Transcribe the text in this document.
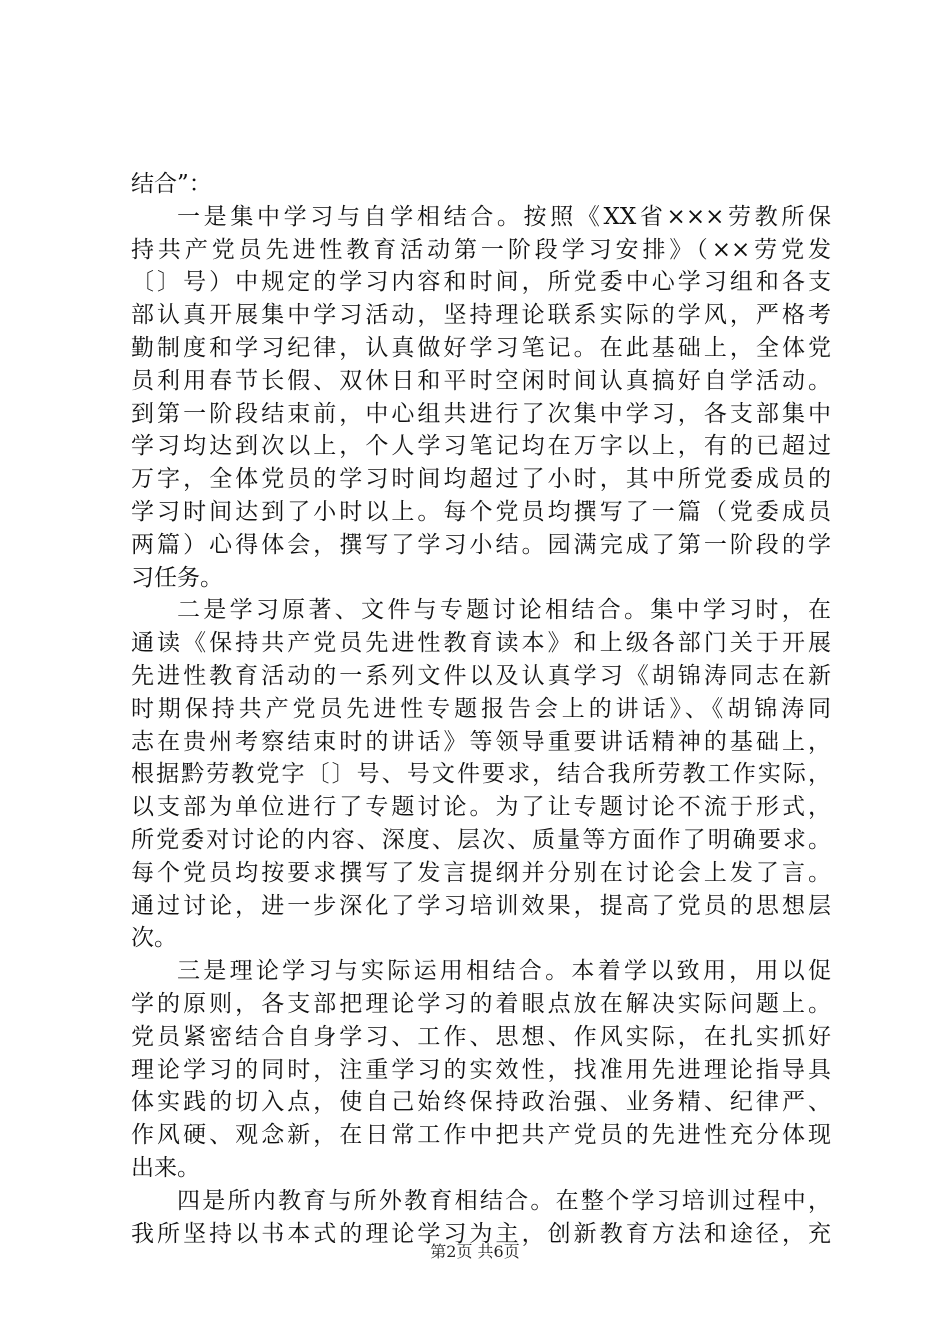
结合”：
一是集中学习与自学相结合。按照《XX省×××劳教所保
持共产党员先进性教育活动第一阶段学习安排》（××劳党发
〔〕号）中规定的学习内容和时间，所党委中心学习组和各支
部认真开展集中学习活动，坚持理论联系实际的学风，严格考
勤制度和学习纪律，认真做好学习笔记。在此基础上，全体党
员利用春节长假、双休日和平时空闲时间认真搞好自学活动。
到第一阶段结束前，中心组共进行了次集中学习，各支部集中
学习均达到次以上，个人学习笔记均在万字以上，有的已超过
万字，全体党员的学习时间均超过了小时，其中所党委成员的
学习时间达到了小时以上。每个党员均撰写了一篇（党委成员
两篇）心得体会，撰写了学习小结。园满完成了第一阶段的学
习任务。
二是学习原著、文件与专题讨论相结合。集中学习时，在
通读《保持共产党员先进性教育读本》和上级各部门关于开展
先进性教育活动的一系列文件以及认真学习《胡锦涛同志在新
时期保持共产党员先进性专题报告会上的讲话》、《胡锦涛同
志在贵州考察结束时的讲话》等领导重要讲话精神的基础上，
根据黔劳教党字〔〕号、号文件要求，结合我所劳教工作实际，
以支部为单位进行了专题讨论。为了让专题讨论不流于形式，
所党委对讨论的内容、深度、层次、质量等方面作了明确要求。
每个党员均按要求撰写了发言提纲并分别在讨论会上发了言。
通过讨论，进一步深化了学习培训效果，提高了党员的思想层
次。
三是理论学习与实际运用相结合。本着学以致用，用以促
学的原则，各支部把理论学习的着眼点放在解决实际问题上。
党员紧密结合自身学习、工作、思想、作风实际，在扎实抓好
理论学习的同时，注重学习的实效性，找准用先进理论指导具
体实践的切入点，使自己始终保持政治强、业务精、纪律严、
作风硬、观念新，在日常工作中把共产党员的先进性充分体现
出来。
四是所内教育与所外教育相结合。在整个学习培训过程中，
我所坚持以书本式的理论学习为主，创新教育方法和途径，充
第2页 共6页
